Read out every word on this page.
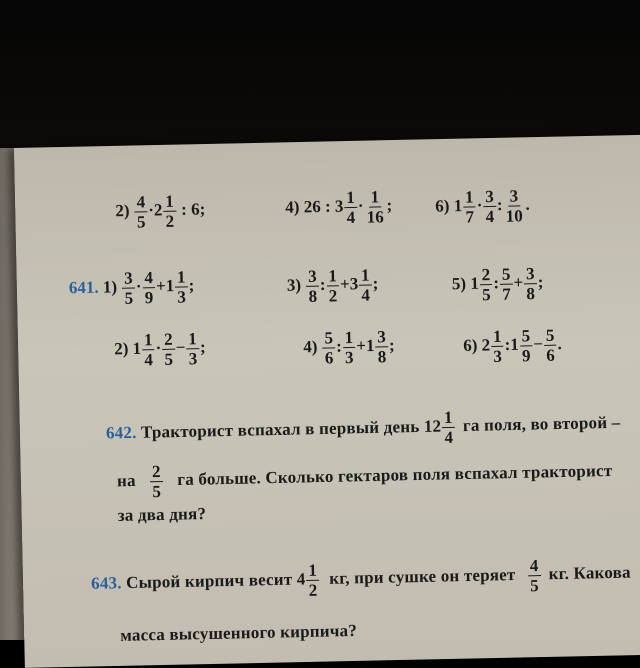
$2) \frac{4}{5} \cdot 2 \frac{1}{2}$ : 6;	4) 26 : $3 \frac{1}{4} \cdot \frac{1}{16}$ ;	6) $1 \frac{1}{7} \cdot \frac{3}{4}$ : $\frac{3}{10}$ .
641. $1) \frac{3}{5} \cdot \frac{4}{9} +1 \frac{1}{3}$ ;	$3) \frac{3}{8}$ : $\frac{1}{2} +3 \frac{1}{4}$ ;	5) $1 \frac{2}{5}$ : $\frac{5}{7} + \frac{3}{8}$ ;
2) $1 \frac{1}{4} \cdot \frac{2}{5} - \frac{1}{3}$ ;	$4) \frac{5}{6}$ : $\frac{1}{3} +1 \frac{3}{8}$ ;	6) $2 \frac{1}{3}$ :1 $\frac{5}{9} - \frac{5}{6}$ .
642. Тракторист вспахал в первый день $12 \frac{1}{4}$ га поля, во второй –
на $\frac{2}{5}$ га больше. Сколько гектаров поля вспахал тракторист
за два дня?
643. Сырой кирпич весит $4 \frac{1}{2}$ кг, при сушке он теряет $\frac{4}{5}$ кг. Какова
масса высушенного кирпича?
